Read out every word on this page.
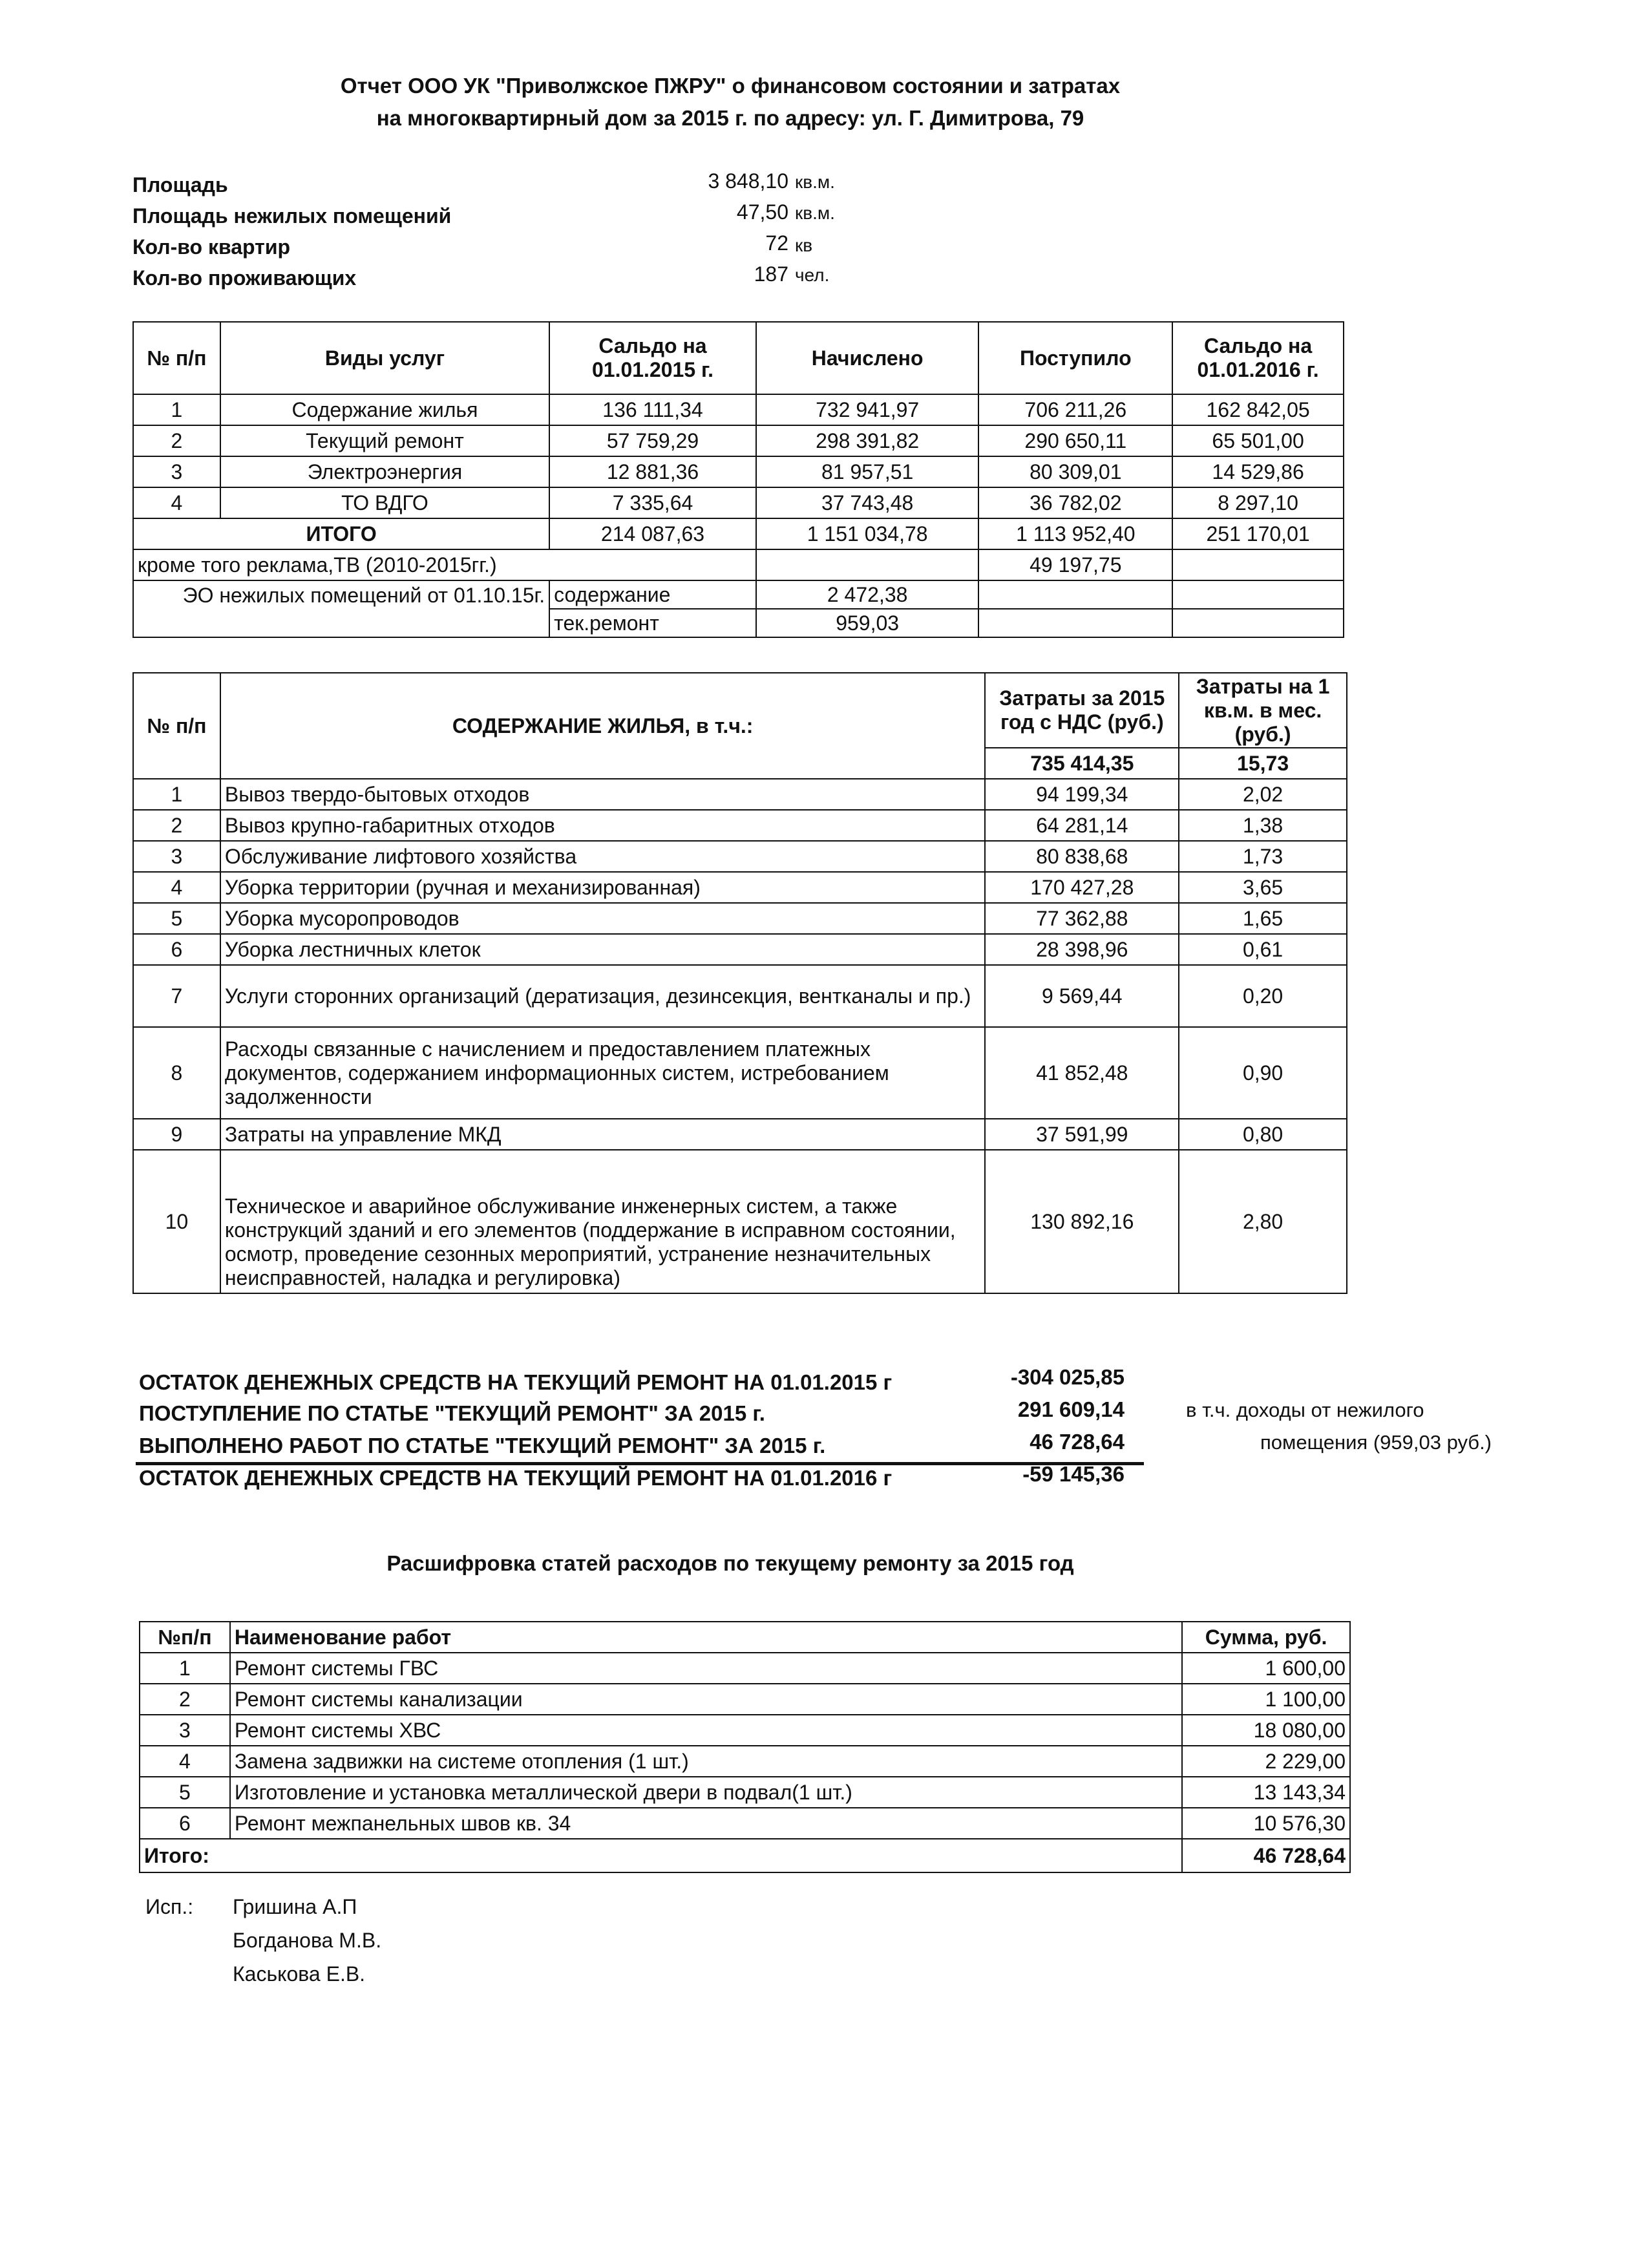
Отчет ООО УК "Приволжское ПЖРУ" о финансовом состоянии и затратах
на многоквартирный дом за 2015 г. по адресу: ул. Г. Димитрова, 79
Площадь	3 848,10 кв.м.
Площадь нежилых помещений	47,50 кв.м.
Кол-во квартир	72 кв
Кол-во проживающих	187 чел.
№ п/п	Виды услуг	Сальдо на 01.01.2015 г.	Начислено	Поступило	Сальдо на 01.01.2016 г.
1	Содержание жилья	136 111,34	732 941,97	706 211,26	162 842,05
2	Текущий ремонт	57 759,29	298 391,82	290 650,11	65 501,00
3	Электроэнергия	12 881,36	81 957,51	80 309,01	14 529,86
4	ТО ВДГО	7 335,64	37 743,48	36 782,02	8 297,10
ИТОГО		214 087,63	1 151 034,78	1 113 952,40	251 170,01
кроме того реклама,ТВ (2010-2015гг.)				49 197,75	
ЭО нежилых помещений от 01.10.15г.		содержание	2 472,38		
		тек.ремонт	959,03		
№ п/п	СОДЕРЖАНИЕ ЖИЛЬЯ, в т.ч.:	Затраты за 2015 год с НДС (руб.)	Затраты на 1 кв.м. в мес. (руб.)
		735 414,35	15,73
1	Вывоз твердо-бытовых отходов	94 199,34	2,02
2	Вывоз крупно-габаритных отходов	64 281,14	1,38
3	Обслуживание лифтового хозяйства	80 838,68	1,73
4	Уборка территории (ручная и механизированная)	170 427,28	3,65
5	Уборка мусоропроводов	77 362,88	1,65
6	Уборка лестничных клеток	28 398,96	0,61
7	Услуги сторонних организаций (дератизация, дезинсекция, вентканалы и пр.)	9 569,44	0,20
8	Расходы связанные с начислением и предоставлением платежных документов, содержанием информационных систем, истребованием задолженности	41 852,48	0,90
9	Затраты на управление МКД	37 591,99	0,80
10	Техническое и аварийное обслуживание инженерных систем, а также конструкций зданий и его элементов (поддержание в исправном состоянии, осмотр, проведение сезонных мероприятий, устранение незначительных неисправностей, наладка и регулировка)	130 892,16	2,80
ОСТАТОК ДЕНЕЖНЫХ СРЕДСТВ НА ТЕКУЩИЙ РЕМОНТ НА 01.01.2015 г	-304 025,85
ПОСТУПЛЕНИЕ ПО СТАТЬЕ "ТЕКУЩИЙ РЕМОНТ" ЗА 2015 г.	291 609,14
ВЫПОЛНЕНО РАБОТ ПО СТАТЬЕ "ТЕКУЩИЙ РЕМОНТ" ЗА 2015 г.	46 728,64
ОСТАТОК ДЕНЕЖНЫХ СРЕДСТВ НА ТЕКУЩИЙ РЕМОНТ НА 01.01.2016 г	-59 145,36
в т.ч. доходы от нежилого
помещения (959,03 руб.)
Расшифровка статей расходов по текущему ремонту за 2015 год
№п/п	Наименование работ	Сумма, руб.
1	Ремонт системы ГВС	1 600,00
2	Ремонт системы канализации	1 100,00
3	Ремонт системы ХВС	18 080,00
4	Замена задвижки на системе отопления (1 шт.)	2 229,00
5	Изготовление и установка металлической двери в подвал(1 шт.)	13 143,34
6	Ремонт межпанельных швов кв. 34	10 576,30
Итого:		46 728,64
Исп.: Гришина А.П
Богданова М.В.
Каськова Е.В.
